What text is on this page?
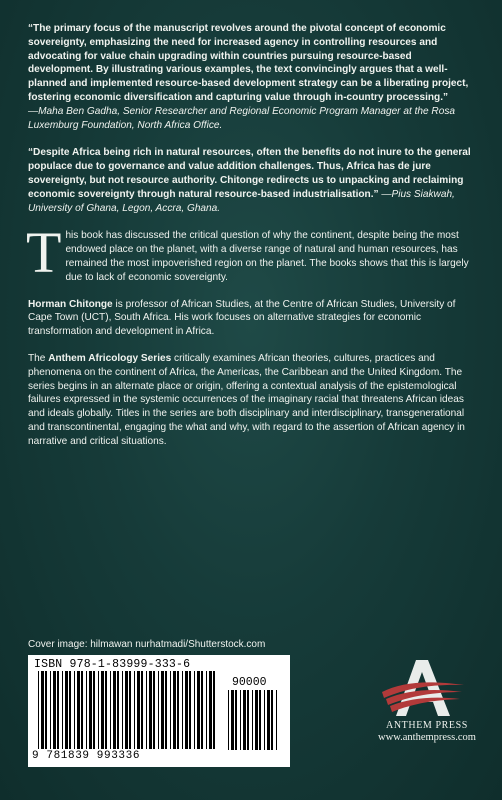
“The primary focus of the manuscript revolves around the pivotal concept of economic sovereignty, emphasizing the need for increased agency in controlling resources and advocating for value chain upgrading within countries pursuing resource-based development. By illustrating various examples, the text convincingly argues that a well-planned and implemented resource-based development strategy can be a liberating project, fostering economic diversification and capturing value through in-country processing.”
—Maha Ben Gadha, Senior Researcher and Regional Economic Program Manager at the Rosa Luxemburg Foundation, North Africa Office.

“Despite Africa being rich in natural resources, often the benefits do not inure to the general populace due to governance and value addition challenges. Thus, Africa has de jure sovereignty, but not resource authority. Chitonge redirects us to unpacking and reclaiming economic sovereignty through natural resource-based industrialisation.” —Pius Siakwah, University of Ghana, Legon, Accra, Ghana.

T his book has discussed the critical question of why the continent, despite being the most endowed place on the planet, with a diverse range of natural and human resources, has remained the most impoverished region on the planet. The books shows that this is largely due to lack of economic sovereignty.

Horman Chitonge is professor of African Studies, at the Centre of African Studies, University of Cape Town (UCT), South Africa. His work focuses on alternative strategies for economic transformation and development in Africa.

The Anthem Africology Series critically examines African theories, cultures, practices and phenomena on the continent of Africa, the Americas, the Caribbean and the United Kingdom. The series begins in an alternate place or origin, offering a contextual analysis of the epistemological failures expressed in the systemic occurrences of the imaginary racial that threatens African ideas and ideals globally. Titles in the series are both disciplinary and interdisciplinary, transgenerational and transcontinental, engaging the what and why, with regard to the assertion of African agency in narrative and critical situations.

Cover image: hilmawan nurhatmadi/Shutterstock.com
ISBN 978-1-83999-333-6
90000
9 781839 993336
ANTHEM PRESS
www.anthempress.com
